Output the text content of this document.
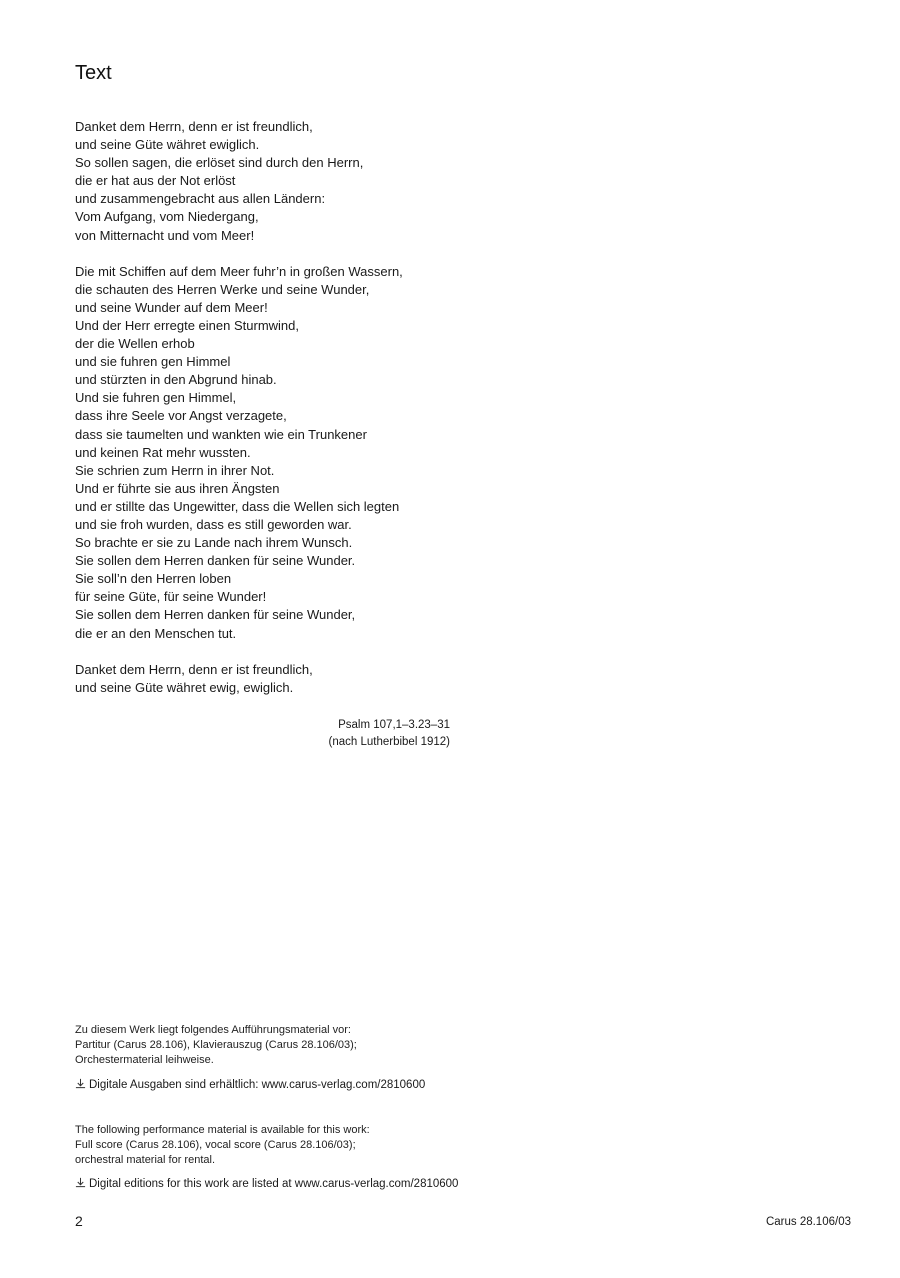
Text
Danket dem Herrn, denn er ist freundlich,
und seine Güte währet ewiglich.
So sollen sagen, die erlöset sind durch den Herrn,
die er hat aus der Not erlöst
und zusammengebracht aus allen Ländern:
Vom Aufgang, vom Niedergang,
von Mitternacht und vom Meer!
Die mit Schiffen auf dem Meer fuhr’n in großen Wassern,
die schauten des Herren Werke und seine Wunder,
und seine Wunder auf dem Meer!
Und der Herr erregte einen Sturmwind,
der die Wellen erhob
und sie fuhren gen Himmel
und stürzten in den Abgrund hinab.
Und sie fuhren gen Himmel,
dass ihre Seele vor Angst verzagete,
dass sie taumelten und wankten wie ein Trunkener
und keinen Rat mehr wussten.
Sie schrien zum Herrn in ihrer Not.
Und er führte sie aus ihren Ängsten
und er stillte das Ungewitter, dass die Wellen sich legten
und sie froh wurden, dass es still geworden war.
So brachte er sie zu Lande nach ihrem Wunsch.
Sie sollen dem Herren danken für seine Wunder.
Sie soll’n den Herren loben
für seine Güte, für seine Wunder!
Sie sollen dem Herren danken für seine Wunder,
die er an den Menschen tut.
Danket dem Herrn, denn er ist freundlich,
und seine Güte währet ewig, ewiglich.
Psalm 107,1–3.23–31
(nach Lutherbibel 1912)
Zu diesem Werk liegt folgendes Aufführungsmaterial vor:
Partitur (Carus 28.106), Klavierauszug (Carus 28.106/03);
Orchestermaterial leihweise.
Digitale Ausgaben sind erhältlich: www.carus-verlag.com/2810600
The following performance material is available for this work:
Full score (Carus 28.106), vocal score (Carus 28.106/03);
orchestral material for rental.
Digital editions for this work are listed at www.carus-verlag.com/2810600
2	Carus 28.106/03
